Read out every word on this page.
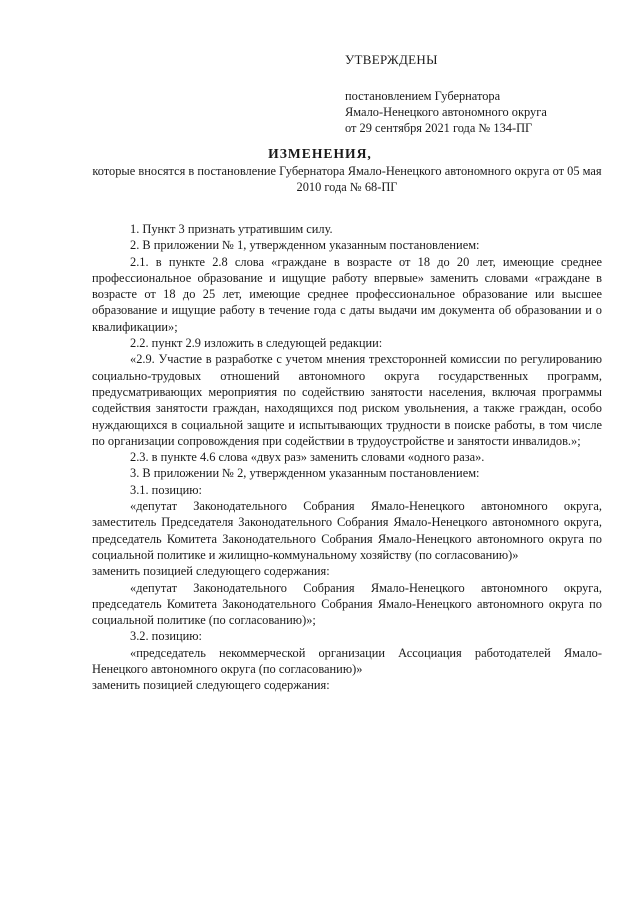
УТВЕРЖДЕНЫ
постановлением Губернатора
Ямало-Ненецкого автономного округа
от 29 сентября 2021 года № 134-ПГ
ИЗМЕНЕНИЯ,
которые вносятся в постановление Губернатора Ямало-Ненецкого автономного округа от 05 мая 2010 года № 68-ПГ

1. Пункт 3 признать утратившим силу.

2. В приложении № 1, утвержденном указанным постановлением:

2.1. в пункте 2.8 слова «граждане в возрасте от 18 до 20 лет, имеющие среднее профессиональное образование и ищущие работу впервые» заменить словами «граждане в возрасте от 18 до 25 лет, имеющие среднее профессиональное образование или высшее образование и ищущие работу в течение года с даты выдачи им документа об образовании и о квалификации»;

2.2. пункт 2.9 изложить в следующей редакции:

«2.9. Участие в разработке с учетом мнения трехсторонней комиссии по регулированию социально-трудовых отношений автономного округа государственных программ, предусматривающих мероприятия по содействию занятости населения, включая программы содействия занятости граждан, находящихся под риском увольнения, а также граждан, особо нуждающихся в социальной защите и испытывающих трудности в поиске работы, в том числе по организации сопровождения при содействии в трудоустройстве и занятости инвалидов.»;

2.3. в пункте 4.6 слова «двух раз» заменить словами «одного раза».

3. В приложении № 2, утвержденном указанным постановлением:

3.1. позицию:

«депутат Законодательного Собрания Ямало-Ненецкого автономного округа, заместитель Председателя Законодательного Собрания Ямало-Ненецкого автономного округа, председатель Комитета Законодательного Собрания Ямало-Ненецкого автономного округа по социальной политике и жилищно-коммунальному хозяйству (по согласованию)»

заменить позицией следующего содержания:

«депутат Законодательного Собрания Ямало-Ненецкого автономного округа, председатель Комитета Законодательного Собрания Ямало-Ненецкого автономного округа по социальной политике (по согласованию)»;

3.2. позицию:

«председатель некоммерческой организации Ассоциация работодателей Ямало-Ненецкого автономного округа (по согласованию)»

заменить позицией следующего содержания:
